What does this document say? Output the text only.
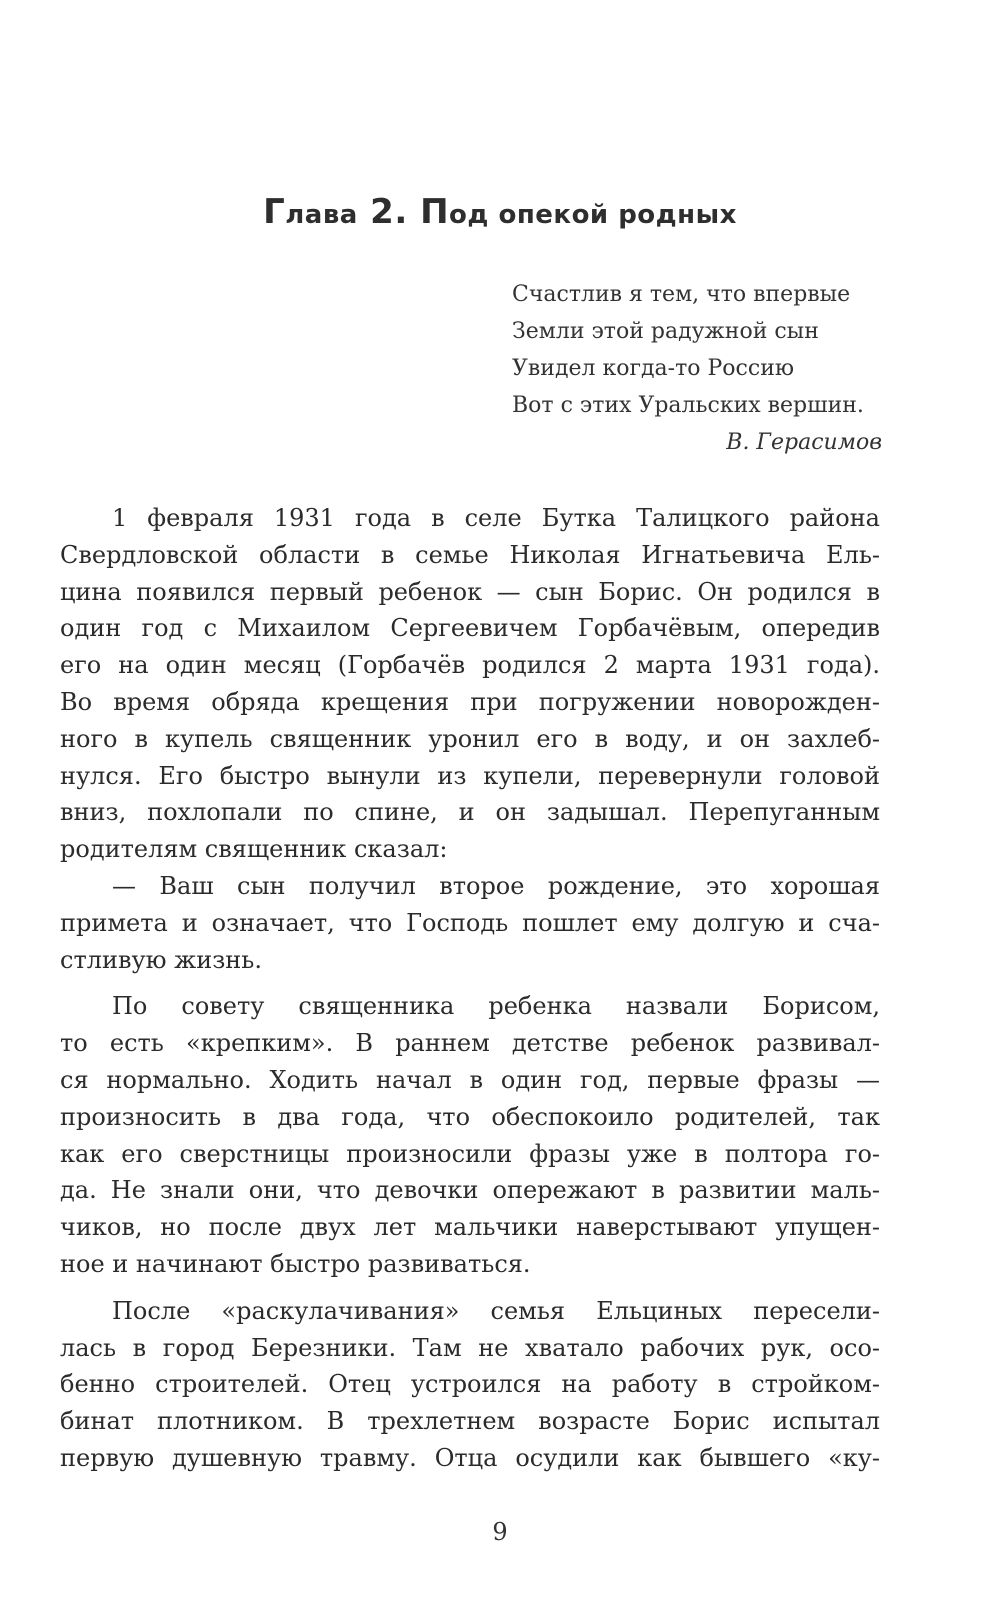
Глава 2. Под опекой родных
Счастлив я тем, что впервые
Земли этой радужной сын
Увидел когда-то Россию
Вот с этих Уральских вершин.
В. Герасимов
1 февраля 1931 года в селе Бутка Талицкого района
Свердловской области в семье Николая Игнатьевича Ель-
цина появился первый ребенок — сын Борис. Он родился в
один год с Михаилом Сергеевичем Горбачёвым, опередив
его на один месяц (Горбачёв родился 2 марта 1931 года).
Во время обряда крещения при погружении новорожден-
ного в купель священник уронил его в воду, и он захлеб-
нулся. Его быстро вынули из купели, перевернули головой
вниз, похлопали по спине, и он задышал. Перепуганным
родителям священник сказал:
— Ваш сын получил второе рождение, это хорошая
примета и означает, что Господь пошлет ему долгую и сча-
стливую жизнь.
По совету священника ребенка назвали Борисом,
то есть «крепким». В раннем детстве ребенок развивал-
ся нормально. Ходить начал в один год, первые фразы —
произносить в два года, что обеспокоило родителей, так
как его сверстницы произносили фразы уже в полтора го-
да. Не знали они, что девочки опережают в развитии маль-
чиков, но после двух лет мальчики наверстывают упущен-
ное и начинают быстро развиваться.
После «раскулачивания» семья Ельциных пересели-
лась в город Березники. Там не хватало рабочих рук, осо-
бенно строителей. Отец устроился на работу в стройком-
бинат плотником. В трехлетнем возрасте Борис испытал
первую душевную травму. Отца осудили как бывшего «ку-
9
